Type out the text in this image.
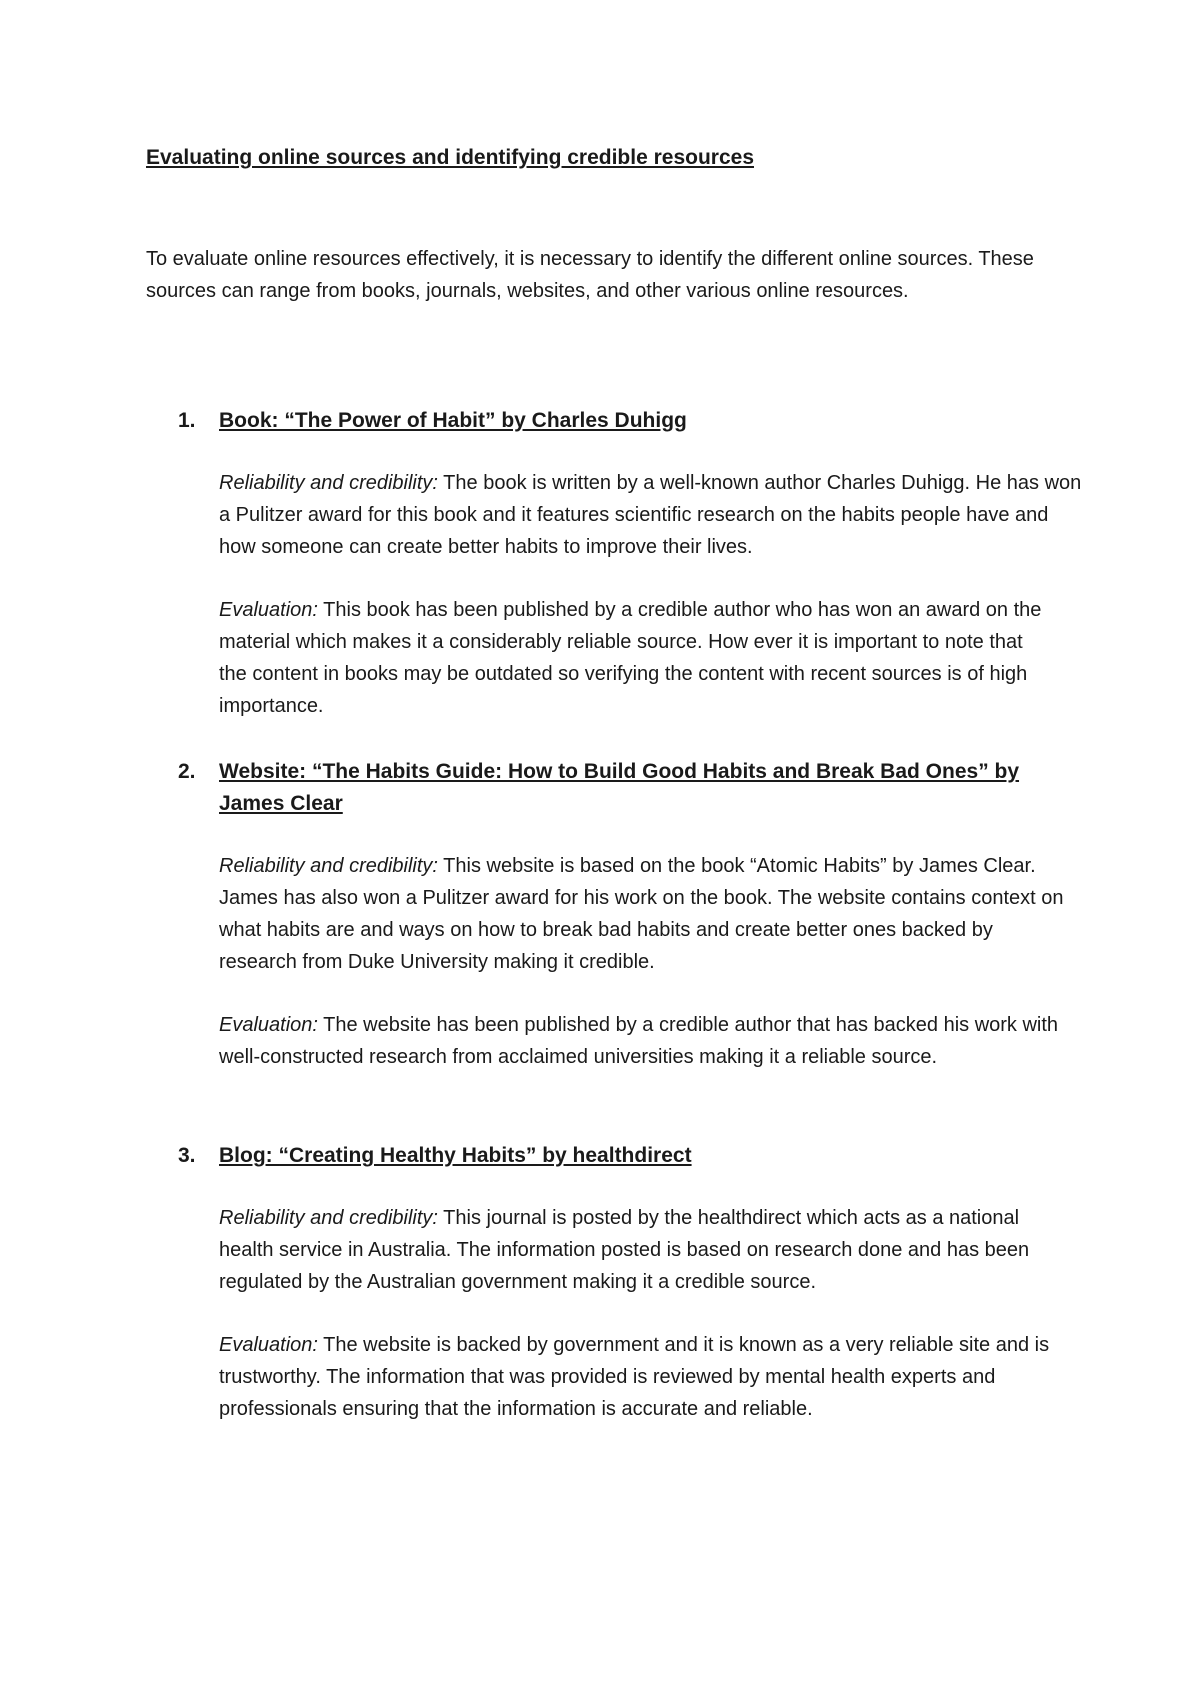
Evaluating online sources and identifying credible resources

To evaluate online resources effectively, it is necessary to identify the different online sources. These sources can range from books, journals, websites, and other various online resources.

1. Book: “The Power of Habit” by Charles Duhigg

Reliability and credibility: The book is written by a well-known author Charles Duhigg. He has won a Pulitzer award for this book and it features scientific research on the habits people have and how someone can create better habits to improve their lives.

Evaluation: This book has been published by a credible author who has won an award on the material which makes it a considerably reliable source. How ever it is important to note that the content in books may be outdated so verifying the content with recent sources is of high importance.

2. Website: “The Habits Guide: How to Build Good Habits and Break Bad Ones” by James Clear

Reliability and credibility: This website is based on the book “Atomic Habits” by James Clear. James has also won a Pulitzer award for his work on the book. The website contains context on what habits are and ways on how to break bad habits and create better ones backed by research from Duke University making it credible.

Evaluation: The website has been published by a credible author that has backed his work with well-constructed research from acclaimed universities making it a reliable source.

3. Blog: “Creating Healthy Habits” by healthdirect

Reliability and credibility: This journal is posted by the healthdirect which acts as a national health service in Australia. The information posted is based on research done and has been regulated by the Australian government making it a credible source.

Evaluation: The website is backed by government and it is known as a very reliable site and is trustworthy. The information that was provided is reviewed by mental health experts and professionals ensuring that the information is accurate and reliable.
